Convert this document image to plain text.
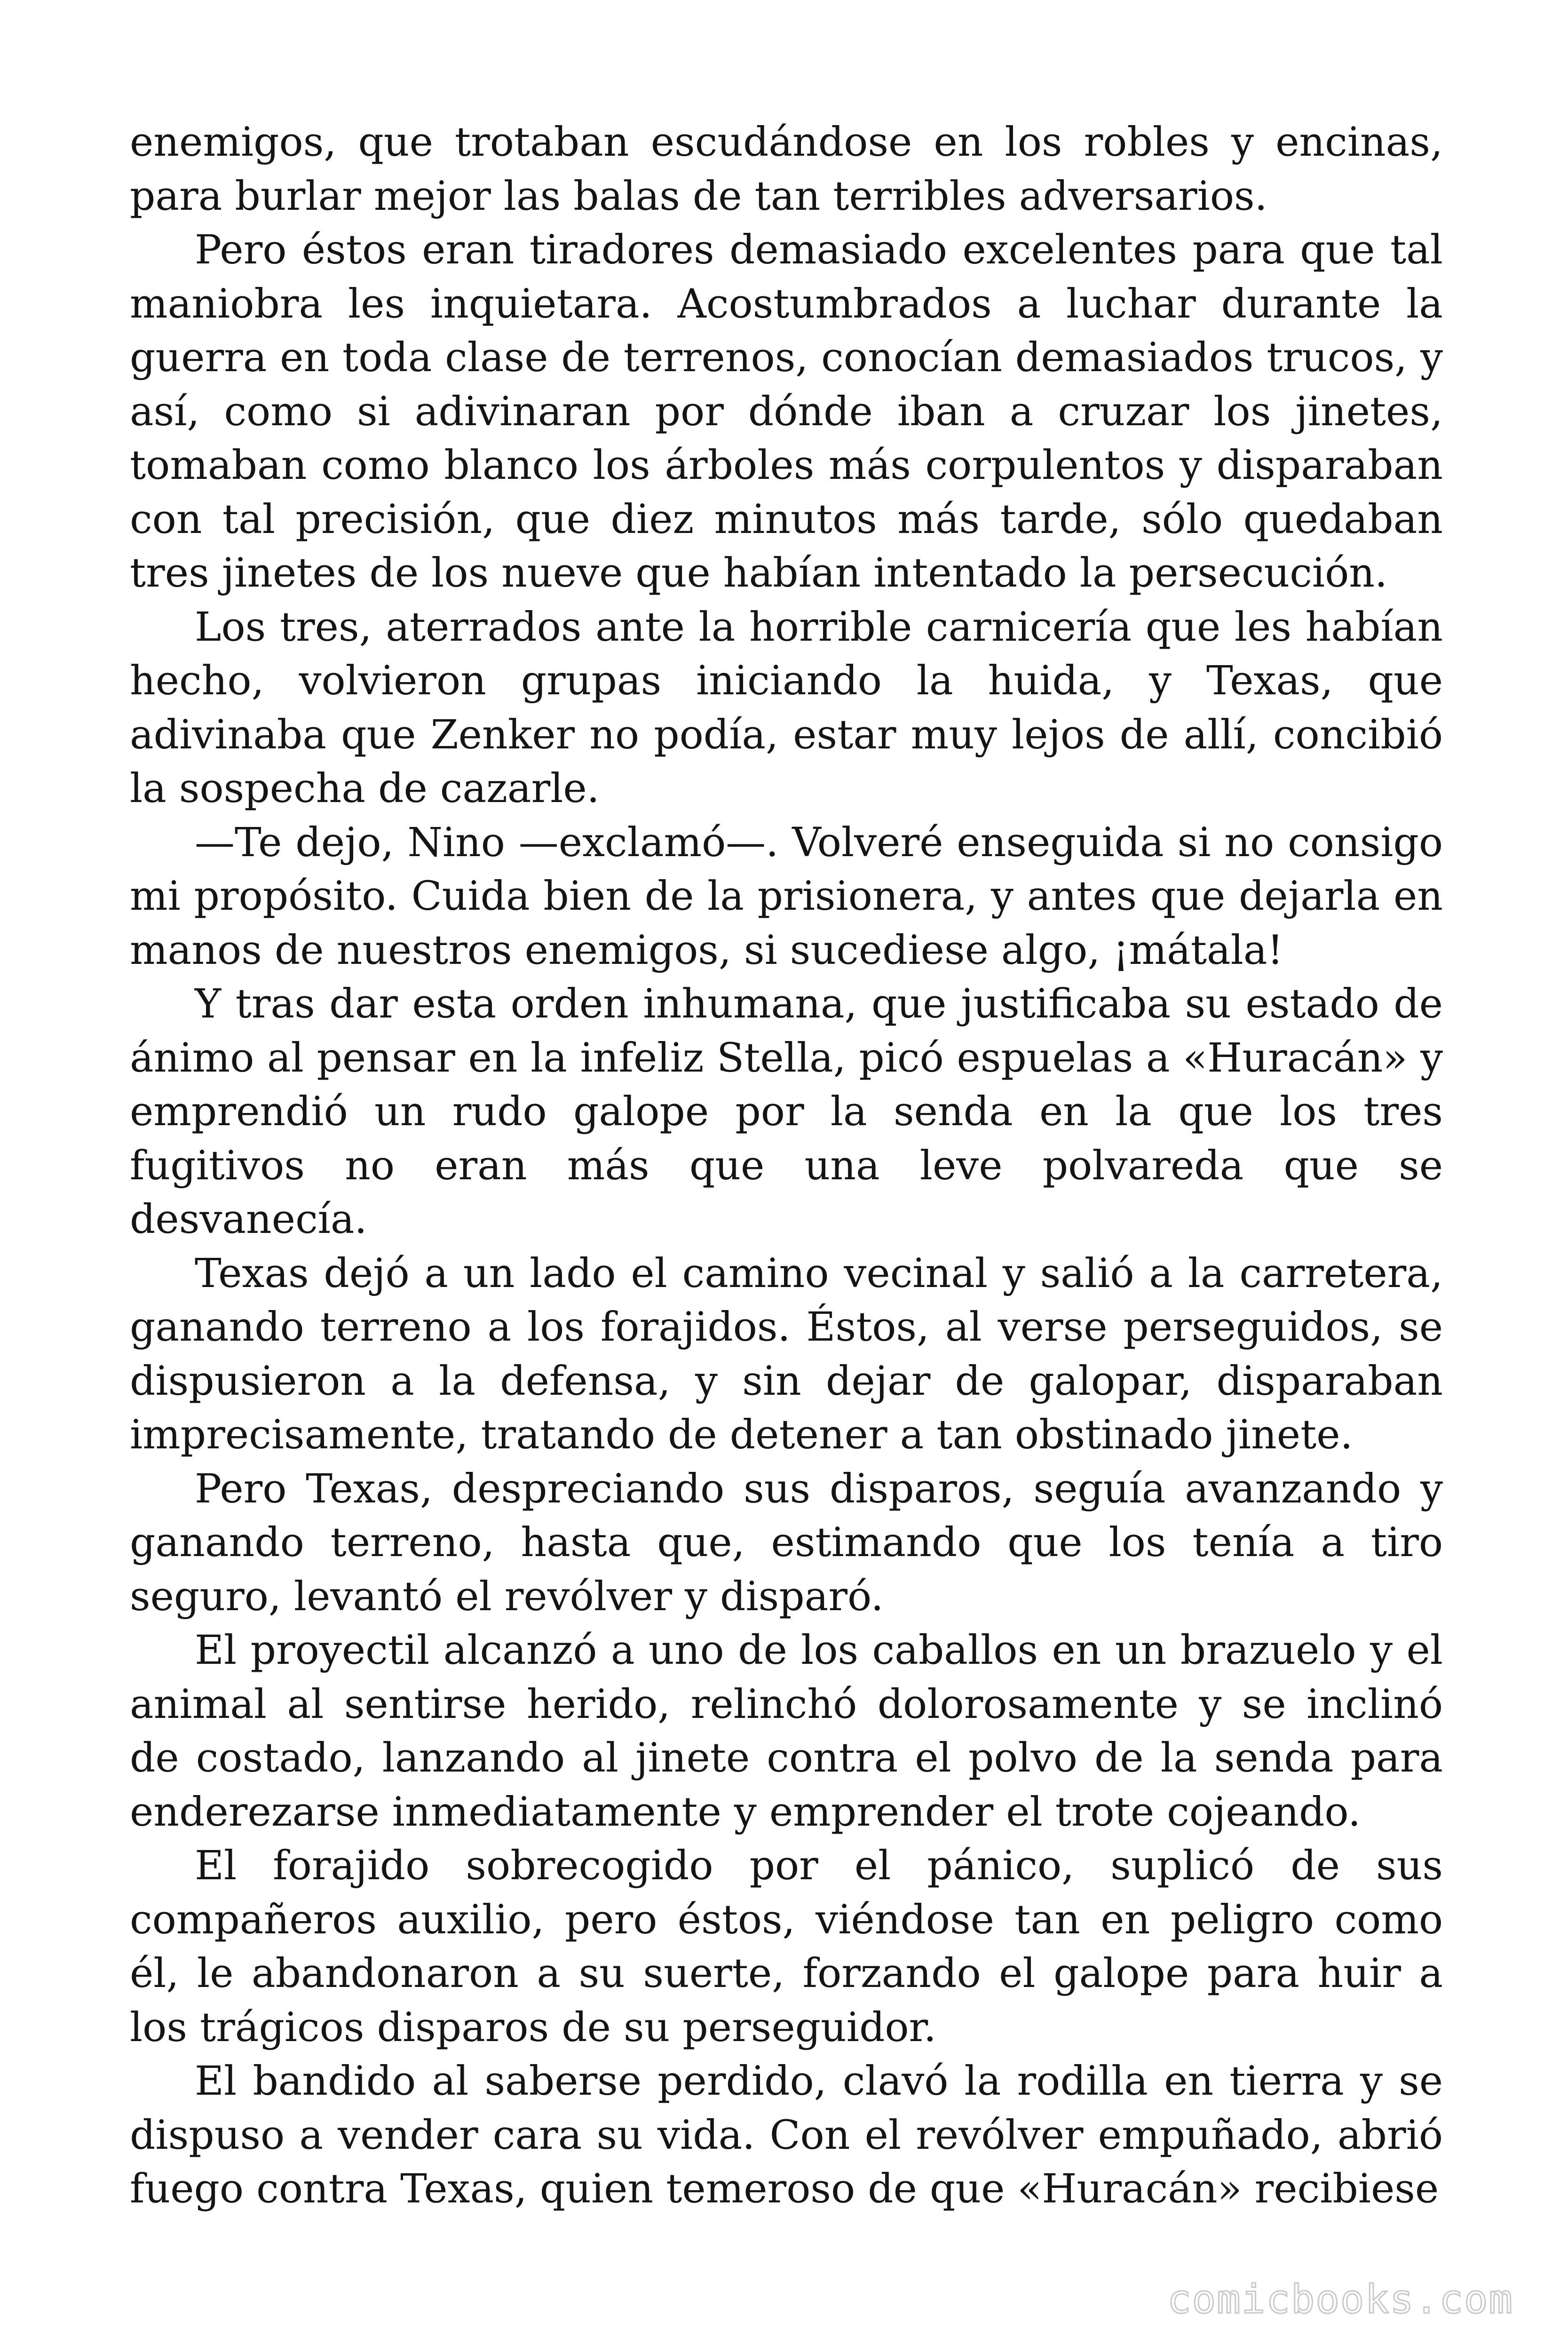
enemigos, que trotaban escudándose en los robles y encinas, para burlar mejor las balas de tan terribles adversarios.

Pero éstos eran tiradores demasiado excelentes para que tal maniobra les inquietara. Acostumbrados a luchar durante la guerra en toda clase de terrenos, conocían demasiados trucos, y así, como si adivinaran por dónde iban a cruzar los jinetes, tomaban como blanco los árboles más corpulentos y disparaban con tal precisión, que diez minutos más tarde, sólo quedaban tres jinetes de los nueve que habían intentado la persecución.

Los tres, aterrados ante la horrible carnicería que les habían hecho, volvieron grupas iniciando la huida, y Texas, que adivinaba que Zenker no podía, estar muy lejos de allí, concibió la sospecha de cazarle.

—Te dejo, Nino —exclamó—. Volveré enseguida si no consigo mi propósito. Cuida bien de la prisionera, y antes que dejarla en manos de nuestros enemigos, si sucediese algo, ¡mátala!

Y tras dar esta orden inhumana, que justificaba su estado de ánimo al pensar en la infeliz Stella, picó espuelas a «Huracán» y emprendió un rudo galope por la senda en la que los tres fugitivos no eran más que una leve polvareda que se desvanecía.

Texas dejó a un lado el camino vecinal y salió a la carretera, ganando terreno a los forajidos. Éstos, al verse perseguidos, se dispusieron a la defensa, y sin dejar de galopar, disparaban imprecisamente, tratando de detener a tan obstinado jinete.

Pero Texas, despreciando sus disparos, seguía avanzando y ganando terreno, hasta que, estimando que los tenía a tiro seguro, levantó el revólver y disparó.

El proyectil alcanzó a uno de los caballos en un brazuelo y el animal al sentirse herido, relinchó dolorosamente y se inclinó de costado, lanzando al jinete contra el polvo de la senda para enderezarse inmediatamente y emprender el trote cojeando.

El forajido sobrecogido por el pánico, suplicó de sus compañeros auxilio, pero éstos, viéndose tan en peligro como él, le abandonaron a su suerte, forzando el galope para huir a los trágicos disparos de su perseguidor.

El bandido al saberse perdido, clavó la rodilla en tierra y se dispuso a vender cara su vida. Con el revólver empuñado, abrió fuego contra Texas, quien temeroso de que «Huracán» recibiese

comicbooks.com
